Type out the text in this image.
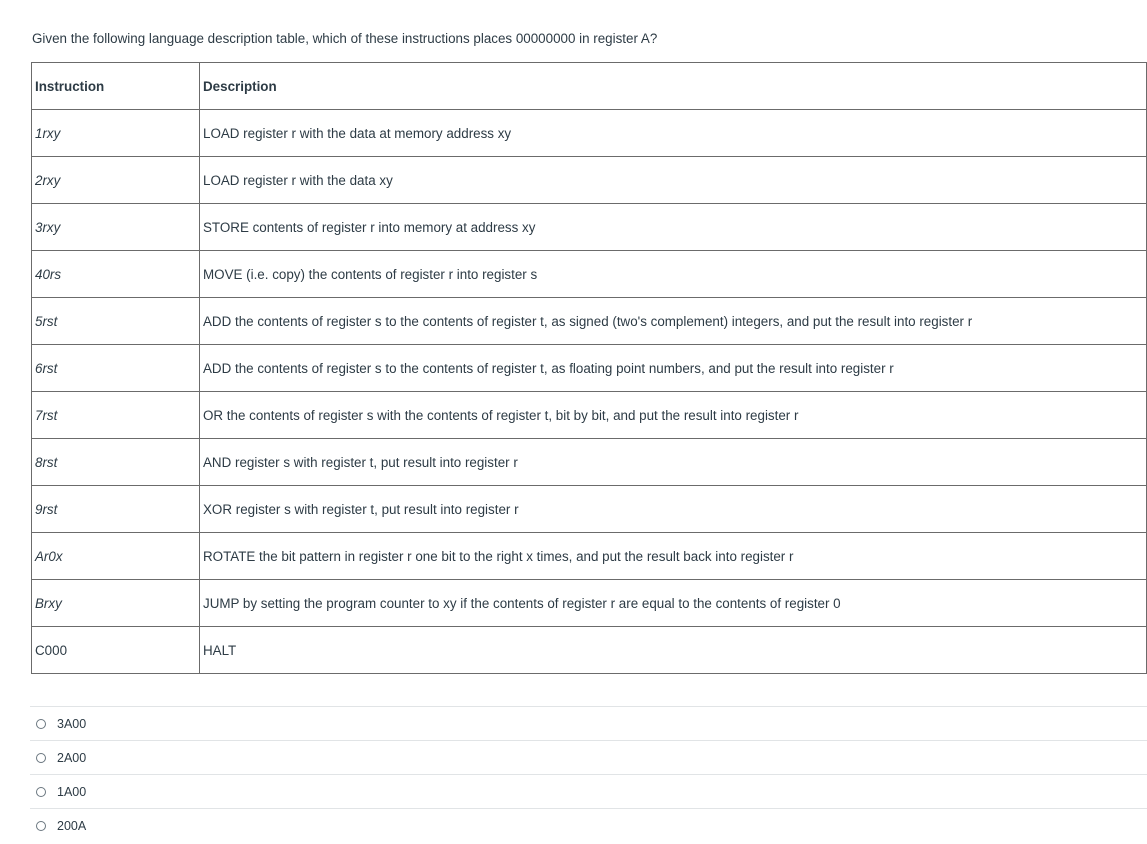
Given the following language description table, which of these instructions places 00000000 in register A?
Instruction	Description
1rxy	LOAD register r with the data at memory address xy
2rxy	LOAD register r with the data xy
3rxy	STORE contents of register r into memory at address xy
40rs	MOVE (i.e. copy) the contents of register r into register s
5rst	ADD the contents of register s to the contents of register t, as signed (two's complement) integers, and put the result into register r
6rst	ADD the contents of register s to the contents of register t, as floating point numbers, and put the result into register r
7rst	OR the contents of register s with the contents of register t, bit by bit, and put the result into register r
8rst	AND register s with register t, put result into register r
9rst	XOR register s with register t, put result into register r
Ar0x	ROTATE the bit pattern in register r one bit to the right x times, and put the result back into register r
Brxy	JUMP by setting the program counter to xy if the contents of register r are equal to the contents of register 0
C000	HALT
3A00
2A00
1A00
200A
